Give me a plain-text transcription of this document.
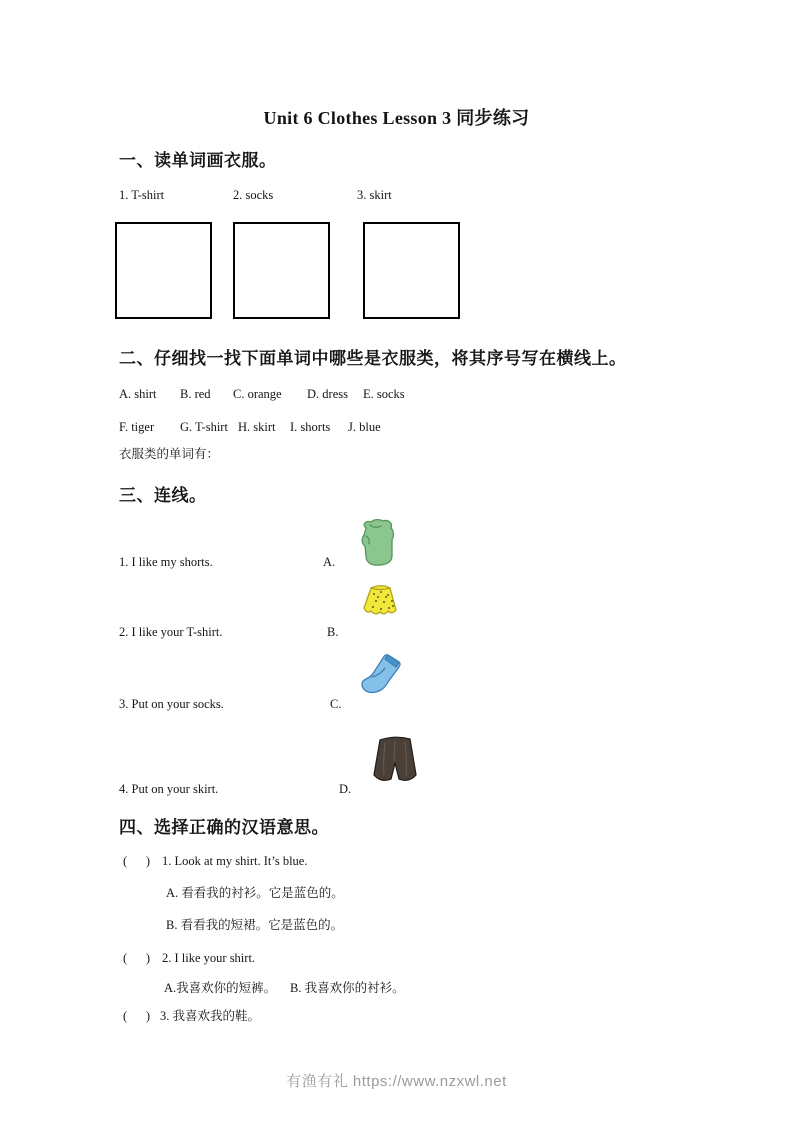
Unit 6 Clothes Lesson 3 同步练习
一、读单词画衣服。
1. T-shirt	2. socks	3. skirt
二、仔细找一找下面单词中哪些是衣服类，将其序号写在横线上。
A. shirt B. red C. orange D. dress E. socks
F. tiger G. T-shirt H. skirt I. shorts J. blue
衣服类的单词有：
三、连线。
1. I like my shorts.	A.
2. I like your T-shirt.	B.
3. Put on your socks.	C.
4. Put on your skirt.	D.
四、选择正确的汉语意思。
(      ) 1. Look at my shirt. It’s blue.
A. 看看我的衬衫。它是蓝色的。
B. 看看我的短裙。它是蓝色的。
(      ) 2. I like your shirt.
A.我喜欢你的短裤。 B. 我喜欢你的衬衫。
(      ) 3. 我喜欢我的鞋。
有渔有礼 https://www.nzxwl.net
